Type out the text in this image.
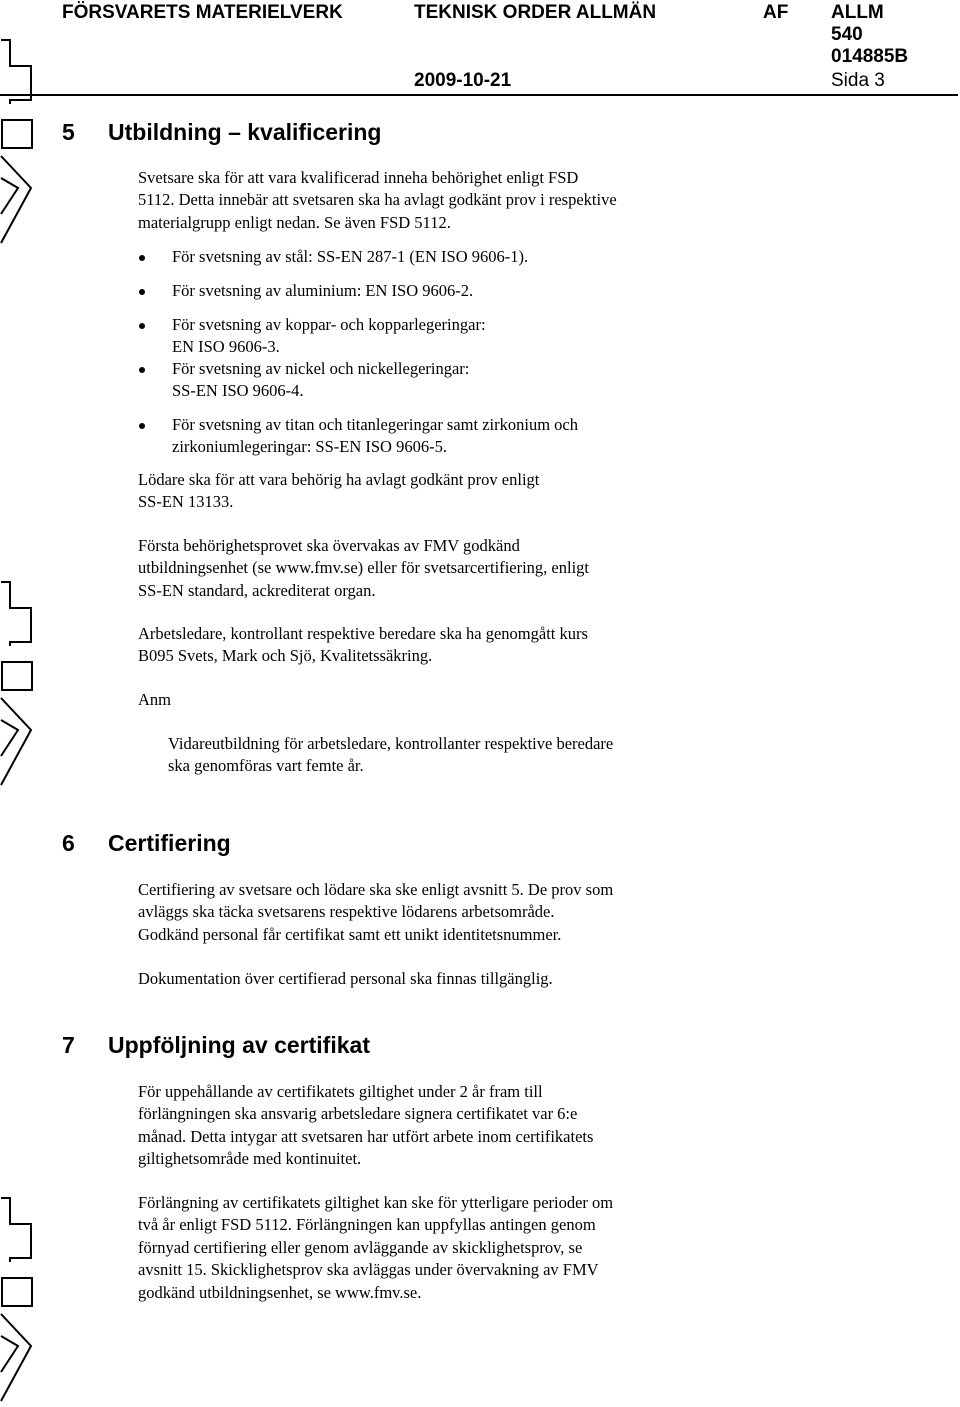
FÖRSVARETS MATERIELVERK	TEKNISK ORDER ALLMÄN	AF ALLM
540
014885B
2009-10-21	Sida 3
5 Utbildning – kvalificering
Svetsare ska för att vara kvalificerad inneha behörighet enligt FSD
5112. Detta innebär att svetsaren ska ha avlagt godkänt prov i respektive
materialgrupp enligt nedan. Se även FSD 5112.
För svetsning av stål: SS-EN 287-1 (EN ISO 9606-1).
För svetsning av aluminium: EN ISO 9606-2.
För svetsning av koppar- och kopparlegeringar:
EN ISO 9606-3.
För svetsning av nickel och nickellegeringar:
SS-EN ISO 9606-4.
För svetsning av titan och titanlegeringar samt zirkonium och
zirkoniumlegeringar: SS-EN ISO 9606-5.
Lödare ska för att vara behörig ha avlagt godkänt prov enligt
SS-EN 13133.
Första behörighetsprovet ska övervakas av FMV godkänd
utbildningsenhet (se www.fmv.se) eller för svetsarcertifiering, enligt
SS-EN standard, ackrediterat organ.
Arbetsledare, kontrollant respektive beredare ska ha genomgått kurs
B095 Svets, Mark och Sjö, Kvalitetssäkring.
Anm
Vidareutbildning för arbetsledare, kontrollanter respektive beredare
ska genomföras vart femte år.
6 Certifiering
Certifiering av svetsare och lödare ska ske enligt avsnitt 5. De prov som
avläggs ska täcka svetsarens respektive lödarens arbetsområde.
Godkänd personal får certifikat samt ett unikt identitetsnummer.
Dokumentation över certifierad personal ska finnas tillgänglig.
7 Uppföljning av certifikat
För uppehållande av certifikatets giltighet under 2 år fram till
förlängningen ska ansvarig arbetsledare signera certifikatet var 6:e
månad. Detta intygar att svetsaren har utfört arbete inom certifikatets
giltighetsområde med kontinuitet.
Förlängning av certifikatets giltighet kan ske för ytterligare perioder om
två år enligt FSD 5112. Förlängningen kan uppfyllas antingen genom
förnyad certifiering eller genom avläggande av skicklighetsprov, se
avsnitt 15. Skicklighetsprov ska avläggas under övervakning av FMV
godkänd utbildningsenhet, se www.fmv.se.
